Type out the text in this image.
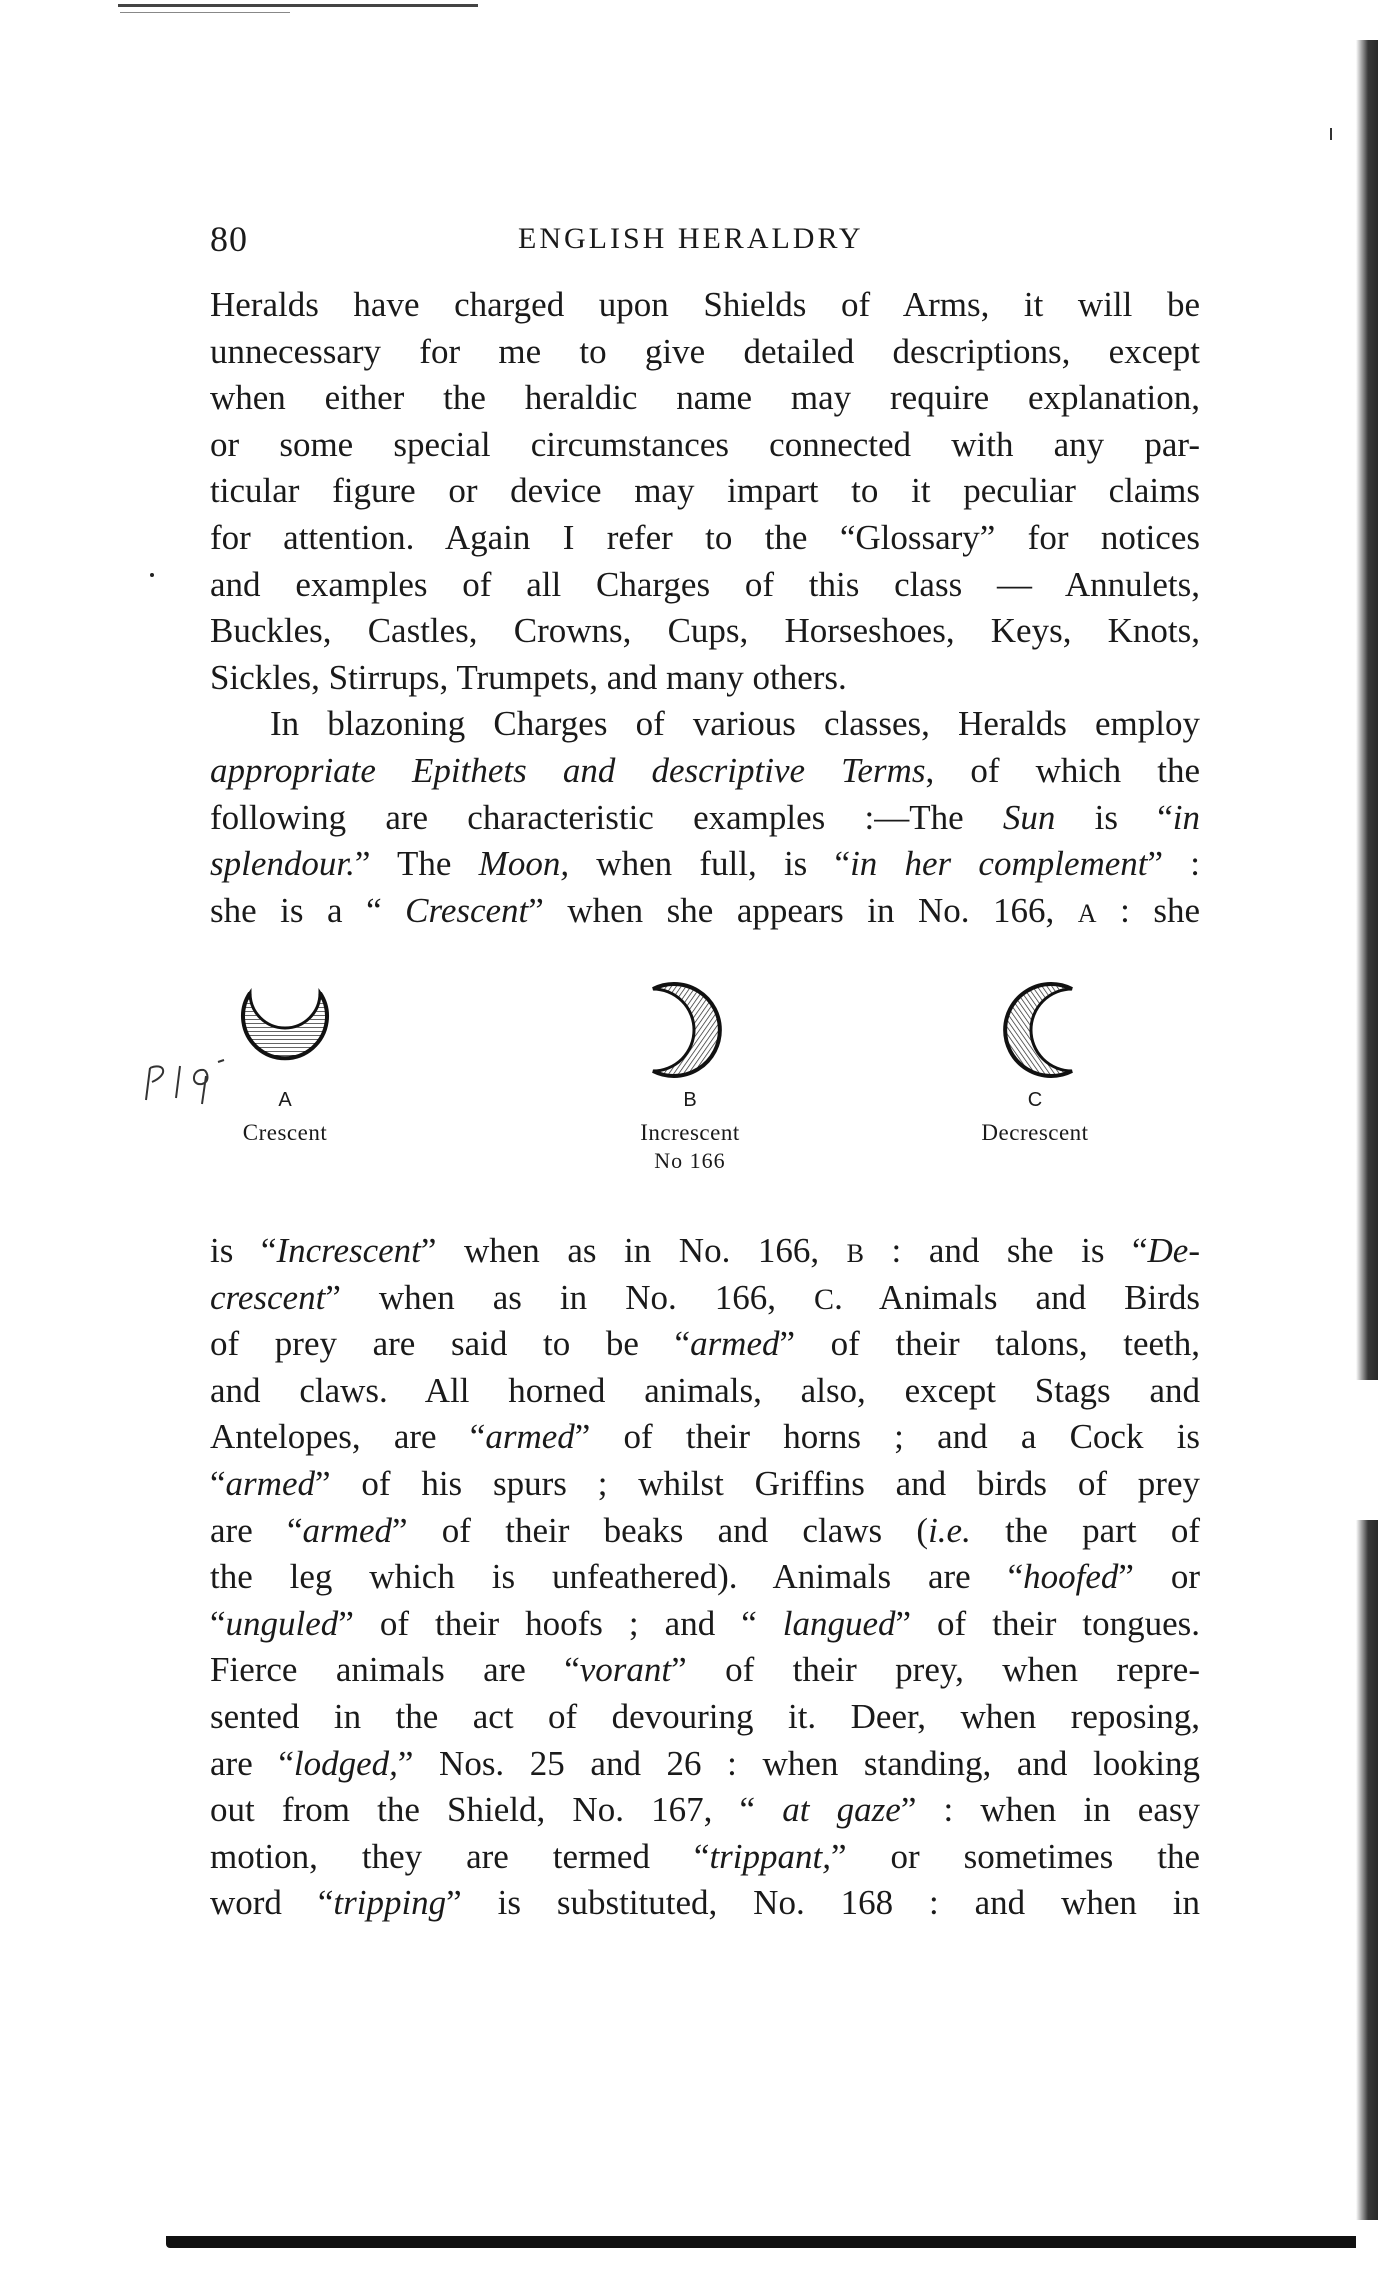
80	ENGLISH HERALDRY
Heralds have charged upon Shields of Arms, it will be
unnecessary for me to give detailed descriptions, except
when either the heraldic name may require explanation,
or some special circumstances connected with any par-
ticular figure or device may impart to it peculiar claims
for attention. Again I refer to the “Glossary” for notices
and examples of all Charges of this class — Annulets,
Buckles, Castles, Crowns, Cups, Horseshoes, Keys, Knots,
Sickles, Stirrups, Trumpets, and many others.
In blazoning Charges of various classes, Heralds employ
appropriate Epithets and descriptive Terms, of which the
following are characteristic examples :—The Sun is “in
splendour.” The Moon, when full, is “in her complement” :
she is a “ Crescent” when she appears in No. 166, A : she
A
Crescent
B
Increscent
No 166
C
Decrescent
is “Increscent” when as in No. 166, B : and she is “De-
crescent” when as in No. 166, C. Animals and Birds
of prey are said to be “armed” of their talons, teeth,
and claws. All horned animals, also, except Stags and
Antelopes, are “armed” of their horns ; and a Cock is
“armed” of his spurs ; whilst Griffins and birds of prey
are “armed” of their beaks and claws (i.e. the part of
the leg which is unfeathered). Animals are “hoofed” or
“unguled” of their hoofs ; and “ langued” of their tongues.
Fierce animals are “vorant” of their prey, when repre-
sented in the act of devouring it. Deer, when reposing,
are “lodged,” Nos. 25 and 26 : when standing, and looking
out from the Shield, No. 167, “ at gaze” : when in easy
motion, they are termed “trippant,” or sometimes the
word “tripping” is substituted, No. 168 : and when in
